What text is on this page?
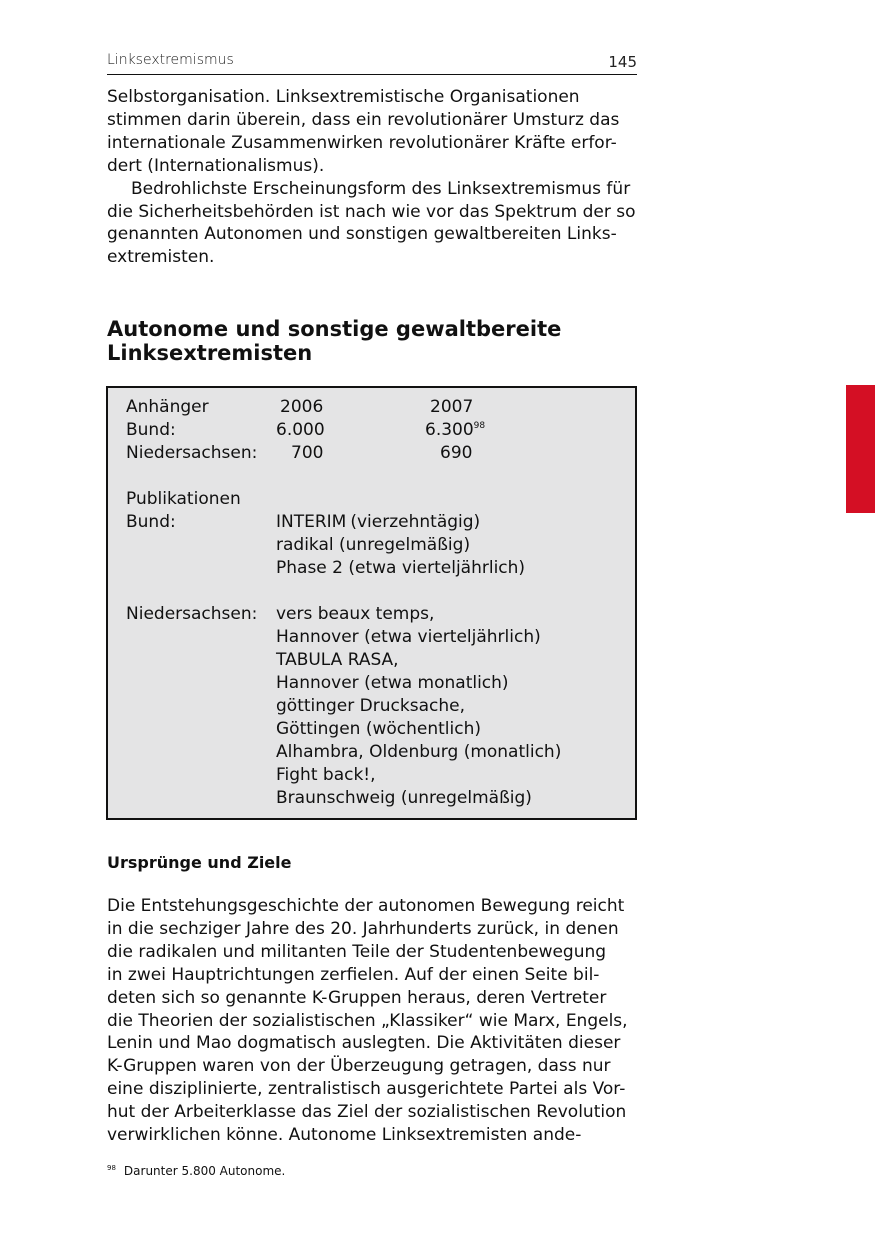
Linksextremismus	145
Selbstorganisation. Linksextremistische Organisationen
stimmen darin überein, dass ein revolutionärer Umsturz das
internationale Zusammenwirken revolutionärer Kräfte erfor-
dert (Internationalismus).
Bedrohlichste Erscheinungsform des Linksextremismus für
die Sicherheitsbehörden ist nach wie vor das Spektrum der so
genannten Autonomen und sonstigen gewaltbereiten Links-
extremisten.
Autonome und sonstige gewaltbereite
Linksextremisten
Anhänger	2006	2007
Bund:	6.000	6.300$^{98}$
Niedersachsen: 700	690
Publikationen
Bund:	INTERIM (vierzehntägig)
radikal (unregelmäßig)
Phase 2 (etwa vierteljährlich)
Niedersachsen: vers beaux temps,
Hannover (etwa vierteljährlich)
TABULA RASA,
Hannover (etwa monatlich)
göttinger Drucksache,
Göttingen (wöchentlich)
Alhambra, Oldenburg (monatlich)
Fight back!,
Braunschweig (unregelmäßig)
Ursprünge und Ziele
Die Entstehungsgeschichte der autonomen Bewegung reicht
in die sechziger Jahre des 20. Jahrhunderts zurück, in denen
die radikalen und militanten Teile der Studentenbewegung
in zwei Hauptrichtungen zerfielen. Auf der einen Seite bil-
deten sich so genannte K-Gruppen heraus, deren Vertreter
die Theorien der sozialistischen „Klassiker“ wie Marx, Engels,
Lenin und Mao dogmatisch auslegten. Die Aktivitäten dieser
K-Gruppen waren von der Überzeugung getragen, dass nur
eine disziplinierte, zentralistisch ausgerichtete Partei als Vor-
hut der Arbeiterklasse das Ziel der sozialistischen Revolution
verwirklichen könne. Autonome Linksextremisten ande-
$^{98}$ Darunter 5.800 Autonome.
